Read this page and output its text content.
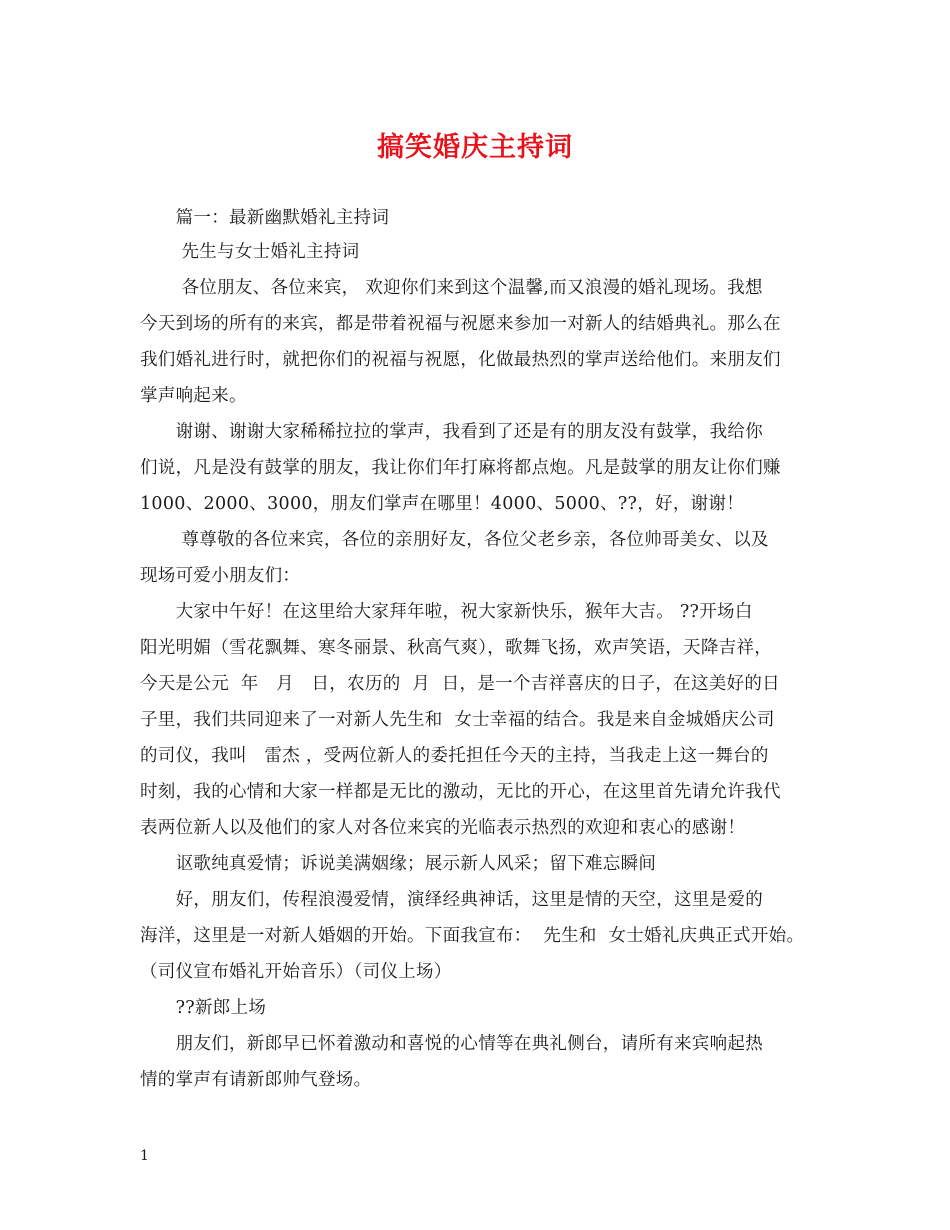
搞笑婚庆主持词
　　篇一：最新幽默婚礼主持词
　　 先生与女士婚礼主持词
　　 各位朋友、各位来宾， 欢迎你们来到这个温馨,而又浪漫的婚礼现场。我想
今天到场的所有的来宾，都是带着祝福与祝愿来参加一对新人的结婚典礼。那么在
我们婚礼进行时，就把你们的祝福与祝愿，化做最热烈的掌声送给他们。来朋友们
掌声响起来。
　　谢谢、谢谢大家稀稀拉拉的掌声，我看到了还是有的朋友没有鼓掌，我给你
们说，凡是没有鼓掌的朋友，我让你们年打麻将都点炮。凡是鼓掌的朋友让你们赚
1000、2000、3000，朋友们掌声在哪里！4000、5000、??，好，谢谢！
　　 尊尊敬的各位来宾，各位的亲朋好友，各位父老乡亲，各位帅哥美女、以及
现场可爱小朋友们：
　　大家中午好！在这里给大家拜年啦，祝大家新快乐，猴年大吉。 ??开场白
阳光明媚（雪花飘舞、寒冬丽景、秋高气爽），歌舞飞扬，欢声笑语，天降吉祥，
今天是公元  年   月   日，农历的  月  日，是一个吉祥喜庆的日子，在这美好的日
子里，我们共同迎来了一对新人先生和  女士幸福的结合。我是来自金城婚庆公司
的司仪，我叫   雷杰 ，受两位新人的委托担任今天的主持，当我走上这一舞台的
时刻，我的心情和大家一样都是无比的激动，无比的开心，在这里首先请允许我代
表两位新人以及他们的家人对各位来宾的光临表示热烈的欢迎和衷心的感谢！
　　讴歌纯真爱情；诉说美满姻缘；展示新人风采；留下难忘瞬间
　　好，朋友们，传程浪漫爱情，演绎经典神话，这里是情的天空，这里是爱的
海洋，这里是一对新人婚姻的开始。下面我宣布：  先生和  女士婚礼庆典正式开始。
（司仪宣布婚礼开始音乐）（司仪上场）
　　??新郎上场
　　朋友们，新郎早已怀着激动和喜悦的心情等在典礼侧台，请所有来宾响起热
情的掌声有请新郎帅气登场。
1
